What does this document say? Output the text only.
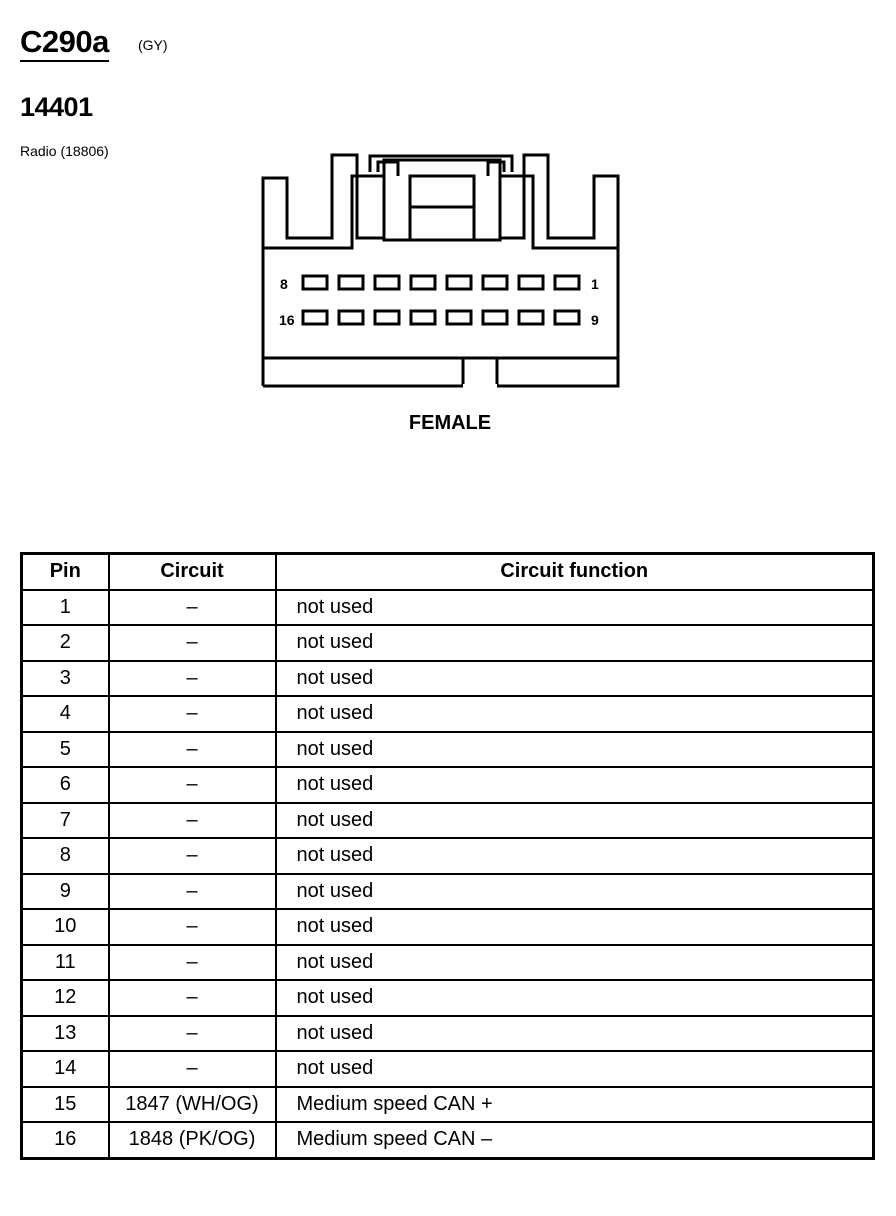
C290a (GY)
14401
Radio (18806)
8	1
16	9
FEMALE
Pin	Circuit	Circuit function
1	–	not used
2	–	not used
3	–	not used
4	–	not used
5	–	not used
6	–	not used
7	–	not used
8	–	not used
9	–	not used
10	–	not used
11	–	not used
12	–	not used
13	–	not used
14	–	not used
15	1847 (WH/OG)	Medium speed CAN +
16	1848 (PK/OG)	Medium speed CAN –
